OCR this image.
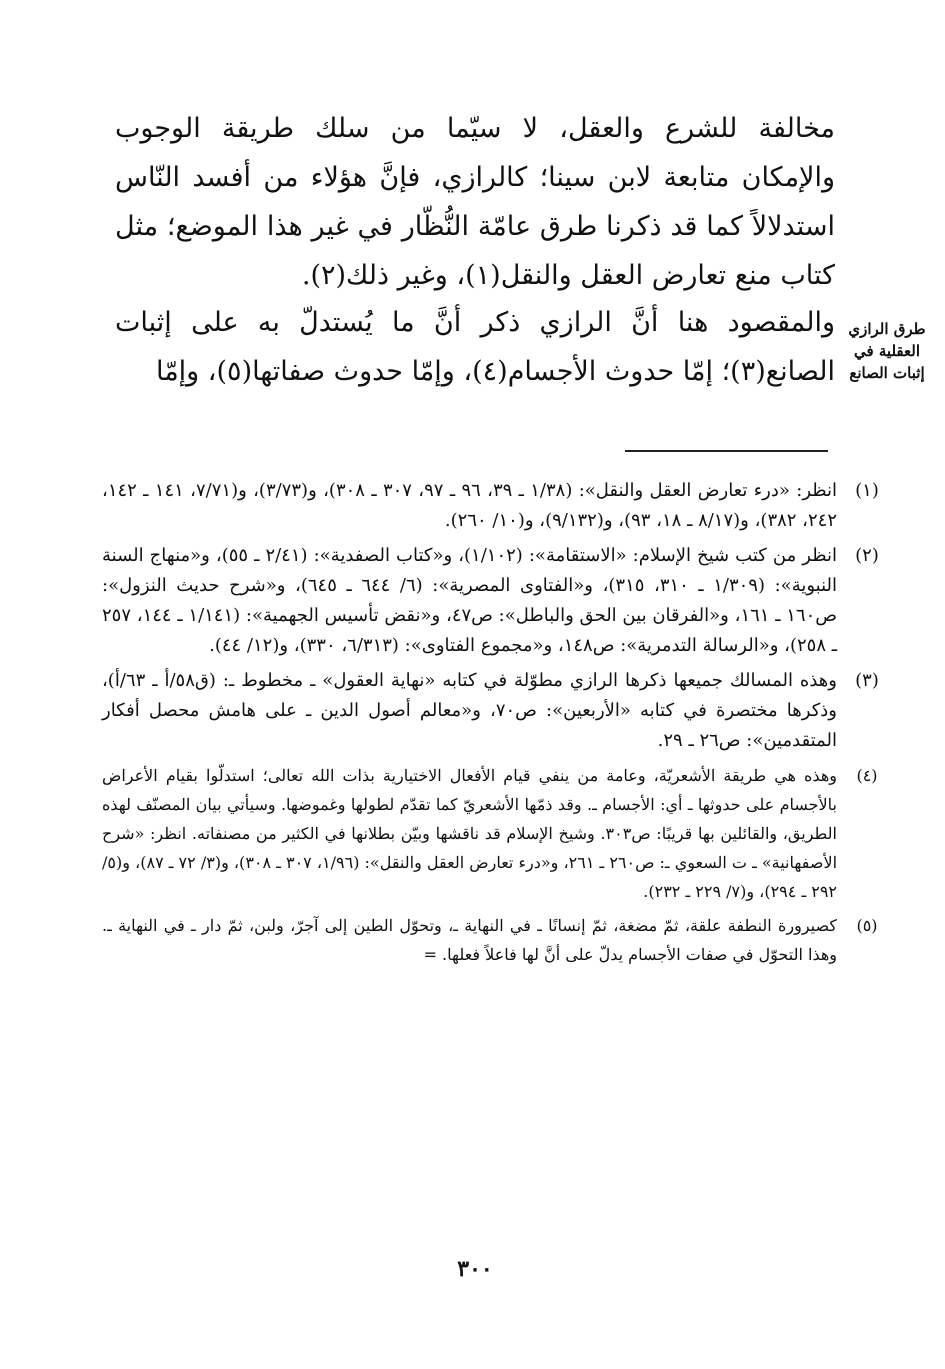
مخالفة للشرع والعقل، لا سيّما من سلك طريقة الوجوب والإمكان متابعة لابن سينا؛ كالرازي، فإنَّ هؤلاء من أفسد النّاس استدلالاً كما قد ذكرنا طرق عامّة النُّظّار في غير هذا الموضع؛ مثل كتاب منع تعارض العقل والنقل(١)، وغير ذلك(٢).
طرق الرازي العقلية في إثبات الصانع
والمقصود هنا أنَّ الرازي ذكر أنَّ ما يُستدلّ به على إثبات الصانع(٣)؛ إمّا حدوث الأجسام(٤)، وإمّا حدوث صفاتها(٥)، وإمّا
(١)
انظر: «درء تعارض العقل والنقل»: (١/٣٨ ـ ٣٩، ٩٦ ـ ٩٧، ٣٠٧ ـ ٣٠٨)، و(٣/٧٣)، و(٧/٧١، ١٤١ ـ ١٤٢، ٢٤٢، ٣٨٢)، و(٨/١٧ ـ ١٨، ٩٣)، و(٩/١٣٢)، و(١٠/ ٢٦٠).
(٢)
انظر من كتب شيخ الإسلام: «الاستقامة»: (١/١٠٢)، و«كتاب الصفدية»: (٢/٤١ ـ ٥٥)، و«منهاج السنة النبوية»: (١/٣٠٩ ـ ٣١٠، ٣١٥)، و«الفتاوى المصرية»: (٦/ ٦٤٤ ـ ٦٤٥)، و«شرح حديث النزول»: ص١٦٠ ـ ١٦١، و«الفرقان بين الحق والباطل»: ص٤٧، و«نقض تأسيس الجهمية»: (١/١٤١ ـ ١٤٤، ٢٥٧ ـ ٢٥٨)، و«الرسالة التدمرية»: ص١٤٨، و«مجموع الفتاوى»: (٦/٣١٣، ٣٣٠)، و(١٢/ ٤٤).
(٣)
وهذه المسالك جميعها ذكرها الرازي مطوّلة في كتابه «نهاية العقول» ـ مخطوط ـ: (ق٥٨/أ ـ ٦٣/أ)، وذكرها مختصرة في كتابه «الأربعين»: ص٧٠، و«معالم أصول الدين ـ على هامش محصل أفكار المتقدمين»: ص٢٦ ـ ٢٩.
(٤)
وهذه هي طريقة الأشعريّة، وعامة من ينفي قيام الأفعال الاختيارية بذات الله تعالى؛ استدلّوا بقيام الأعراض بالأجسام على حدوثها ـ أي: الأجسام ـ. وقد ذمّها الأشعريّ كما تقدّم لطولها وغموضها. وسيأتي بيان المصنّف لهذه الطريق، والقائلين بها قريبًا: ص٣٠٣. وشيخ الإسلام قد ناقشها وبيّن بطلانها في الكثير من مصنفاته. انظر: «شرح الأصفهانية» ـ ت السعوي ـ: ص٢٦٠ ـ ٢٦١، و«درء تعارض العقل والنقل»: (١/٩٦، ٣٠٧ ـ ٣٠٨)، و(٣/ ٧٢ ـ ٨٧)، و(٥/ ٢٩٢ ـ ٢٩٤)، و(٧/ ٢٢٩ ـ ٢٣٢).
(٥)
كصيرورة النطفة علقة، ثمّ مضغة، ثمّ إنسانًا ـ في النهاية ـ، وتحوّل الطين إلى آجرّ، ولبن، ثمّ دار ـ في النهاية ـ. وهذا التحوّل في صفات الأجسام يدلّ على أنَّ لها فاعلاً فعلها. =
٣٠٠
